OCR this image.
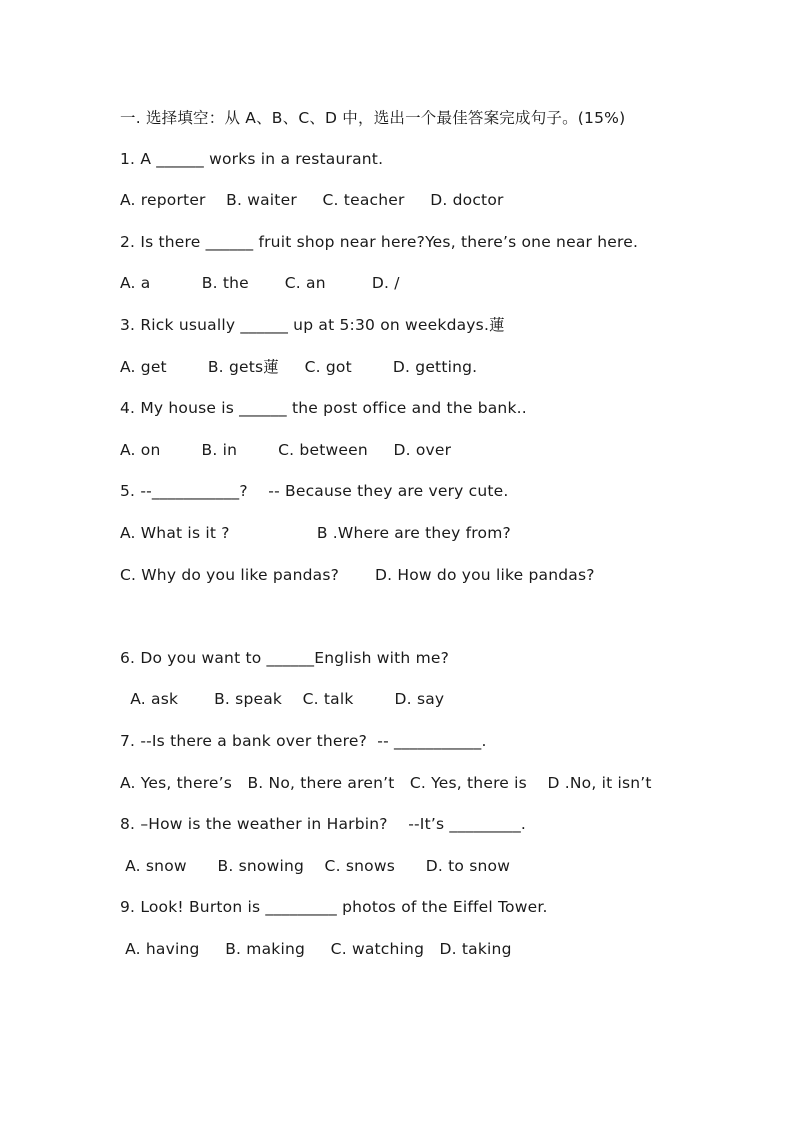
一. 选择填空：从 A、B、C、D 中，选出一个最佳答案完成句子。(15%)
1. A ______ works in a restaurant.
A. reporter    B. waiter     C. teacher     D. doctor
2. Is there ______ fruit shop near here?Yes, there’s one near here.
A. a          B. the       C. an         D. /
3. Rick usually ______ up at 5:30 on weekdays.蓮
A. get        B. gets蓮     C. got        D. getting.
4. My house is ______ the post office and the bank..
A. on        B. in        C. between     D. over
5. --___________?    -- Because they are very cute.
A. What is it ?                 B .Where are they from?
C. Why do you like pandas?       D. How do you like pandas?
6. Do you want to ______English with me?
A. ask       B. speak    C. talk        D. say
7. --Is there a bank over there?  -- ___________.
A. Yes, there’s   B. No, there aren’t   C. Yes, there is    D .No, it isn’t
8. –How is the weather in Harbin?    --It’s _________.
A. snow      B. snowing    C. snows      D. to snow
9. Look! Burton is _________ photos of the Eiffel Tower.
A. having     B. making     C. watching   D. taking
